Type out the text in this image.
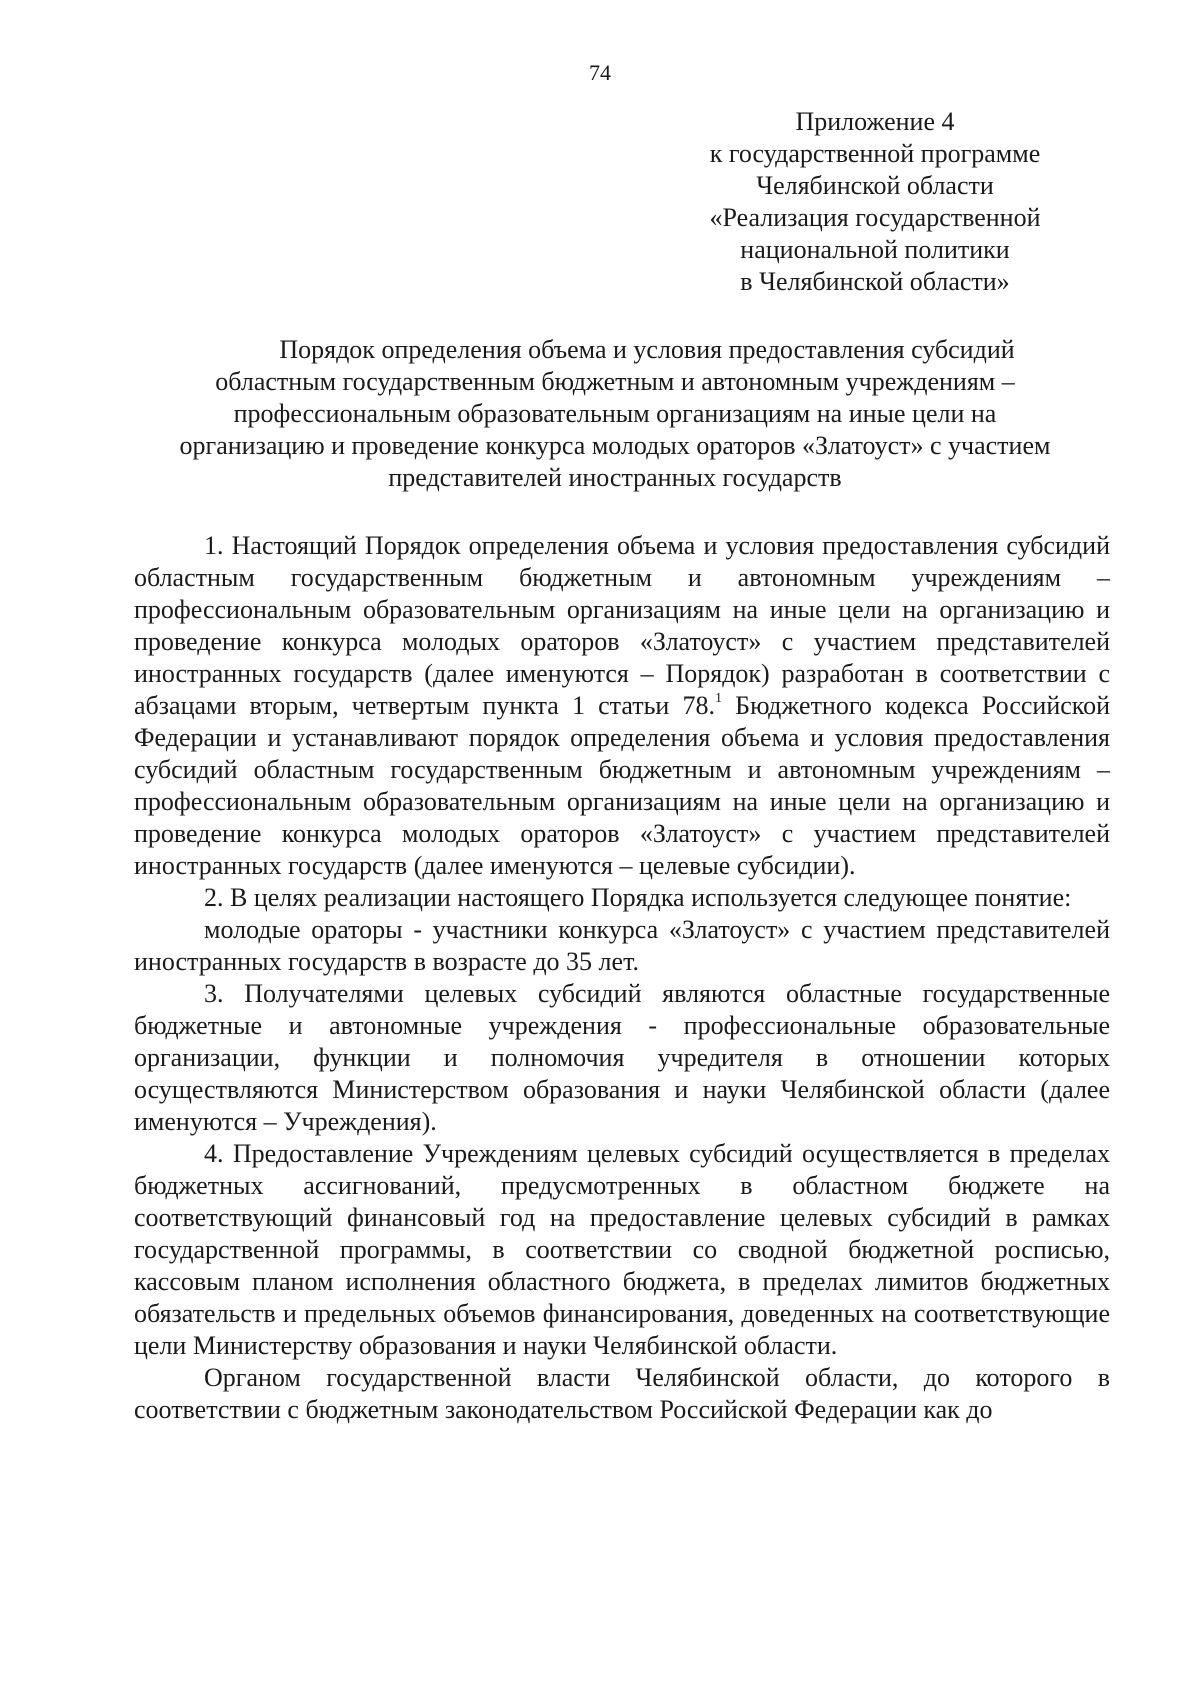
74
Приложение 4
к государственной программе
Челябинской области
«Реализация государственной
национальной политики
в Челябинской области»
Порядок определения объема и условия предоставления субсидий
областным государственным бюджетным и автономным учреждениям –
профессиональным образовательным организациям на иные цели на
организацию и проведение конкурса молодых ораторов «Златоуст» с участием
представителей иностранных государств

1. Настоящий Порядок определения объема и условия предоставления субсидий областным государственным бюджетным и автономным учреждениям – профессиональным образовательным организациям на иные цели на организацию и проведение конкурса молодых ораторов «Златоуст» с участием представителей иностранных государств (далее именуются – Порядок) разработан в соответствии с абзацами вторым, четвертым пункта 1 статьи 78.$^1$ Бюджетного кодекса Российской Федерации и устанавливают порядок определения объема и условия предоставления субсидий областным государственным бюджетным и автономным учреждениям – профессиональным образовательным организациям на иные цели на организацию и проведение конкурса молодых ораторов «Златоуст» с участием представителей иностранных государств (далее именуются – целевые субсидии).

2. В целях реализации настоящего Порядка используется следующее понятие:

молодые ораторы - участники конкурса «Златоуст» с участием представителей иностранных государств в возрасте до 35 лет.

3. Получателями целевых субсидий являются областные государственные бюджетные и автономные учреждения - профессиональные образовательные организации, функции и полномочия учредителя в отношении которых осуществляются Министерством образования и науки Челябинской области (далее именуются – Учреждения).

4. Предоставление Учреждениям целевых субсидий осуществляется в пределах бюджетных ассигнований, предусмотренных в областном бюджете на соответствующий финансовый год на предоставление целевых субсидий в рамках государственной программы, в соответствии со сводной бюджетной росписью, кассовым планом исполнения областного бюджета, в пределах лимитов бюджетных обязательств и предельных объемов финансирования, доведенных на соответствующие цели Министерству образования и науки Челябинской области.

Органом государственной власти Челябинской области, до которого в соответствии с бюджетным законодательством Российской Федерации как до
